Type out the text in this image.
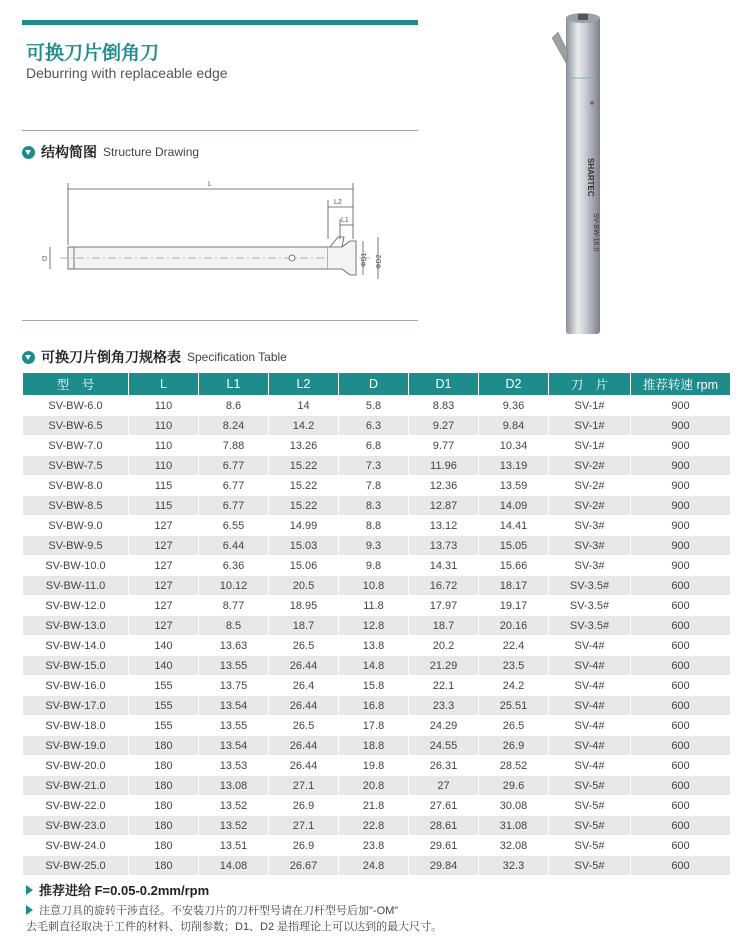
可换刀片倒角刀
Deburring with replaceable edge
结构简图 Structure Drawing
L
L2
L1
D	ΦD1 ΦD2
SHARTEC
SV-BW-16.0
可换刀片倒角刀规格表 Specification Table
型　号	L	L1	L2	D	D1	D2	刀　片	推荐转速 rpm
SV-BW-6.0	110	8.6	14	5.8	8.83	9.36	SV-1#	900
SV-BW-6.5	110	8.24	14.2	6.3	9.27	9.84	SV-1#	900
SV-BW-7.0	110	7.88	13.26	6.8	9.77	10.34	SV-1#	900
SV-BW-7.5	110	6.77	15.22	7.3	11.96	13.19	SV-2#	900
SV-BW-8.0	115	6.77	15.22	7.8	12.36	13.59	SV-2#	900
SV-BW-8.5	115	6.77	15.22	8.3	12.87	14.09	SV-2#	900
SV-BW-9.0	127	6.55	14.99	8.8	13.12	14.41	SV-3#	900
SV-BW-9.5	127	6.44	15.03	9.3	13.73	15.05	SV-3#	900
SV-BW-10.0	127	6.36	15.06	9.8	14.31	15.66	SV-3#	900
SV-BW-11.0	127	10.12	20.5	10.8	16.72	18.17	SV-3.5#	600
SV-BW-12.0	127	8.77	18.95	11.8	17.97	19.17	SV-3.5#	600
SV-BW-13.0	127	8.5	18.7	12.8	18.7	20.16	SV-3.5#	600
SV-BW-14.0	140	13.63	26.5	13.8	20.2	22.4	SV-4#	600
SV-BW-15.0	140	13.55	26.44	14.8	21.29	23.5	SV-4#	600
SV-BW-16.0	155	13.75	26.4	15.8	22.1	24.2	SV-4#	600
SV-BW-17.0	155	13.54	26.44	16.8	23.3	25.51	SV-4#	600
SV-BW-18.0	155	13.55	26.5	17.8	24.29	26.5	SV-4#	600
SV-BW-19.0	180	13.54	26.44	18.8	24.55	26.9	SV-4#	600
SV-BW-20.0	180	13.53	26.44	19.8	26.31	28.52	SV-4#	600
SV-BW-21.0	180	13.08	27.1	20.8	27	29.6	SV-5#	600
SV-BW-22.0	180	13.52	26.9	21.8	27.61	30.08	SV-5#	600
SV-BW-23.0	180	13.52	27.1	22.8	28.61	31.08	SV-5#	600
SV-BW-24.0	180	13.51	26.9	23.8	29.61	32.08	SV-5#	600
SV-BW-25.0	180	14.08	26.67	24.8	29.84	32.3	SV-5#	600
推荐进给 F=0.05-0.2mm/rpm
注意刀具的旋转干涉直径。不安装刀片的刀杆型号请在刀杆型号后加"-OM"
去毛刺直径取决于工件的材料、切削参数；D1、D2 是指理论上可以达到的最大尺寸。
